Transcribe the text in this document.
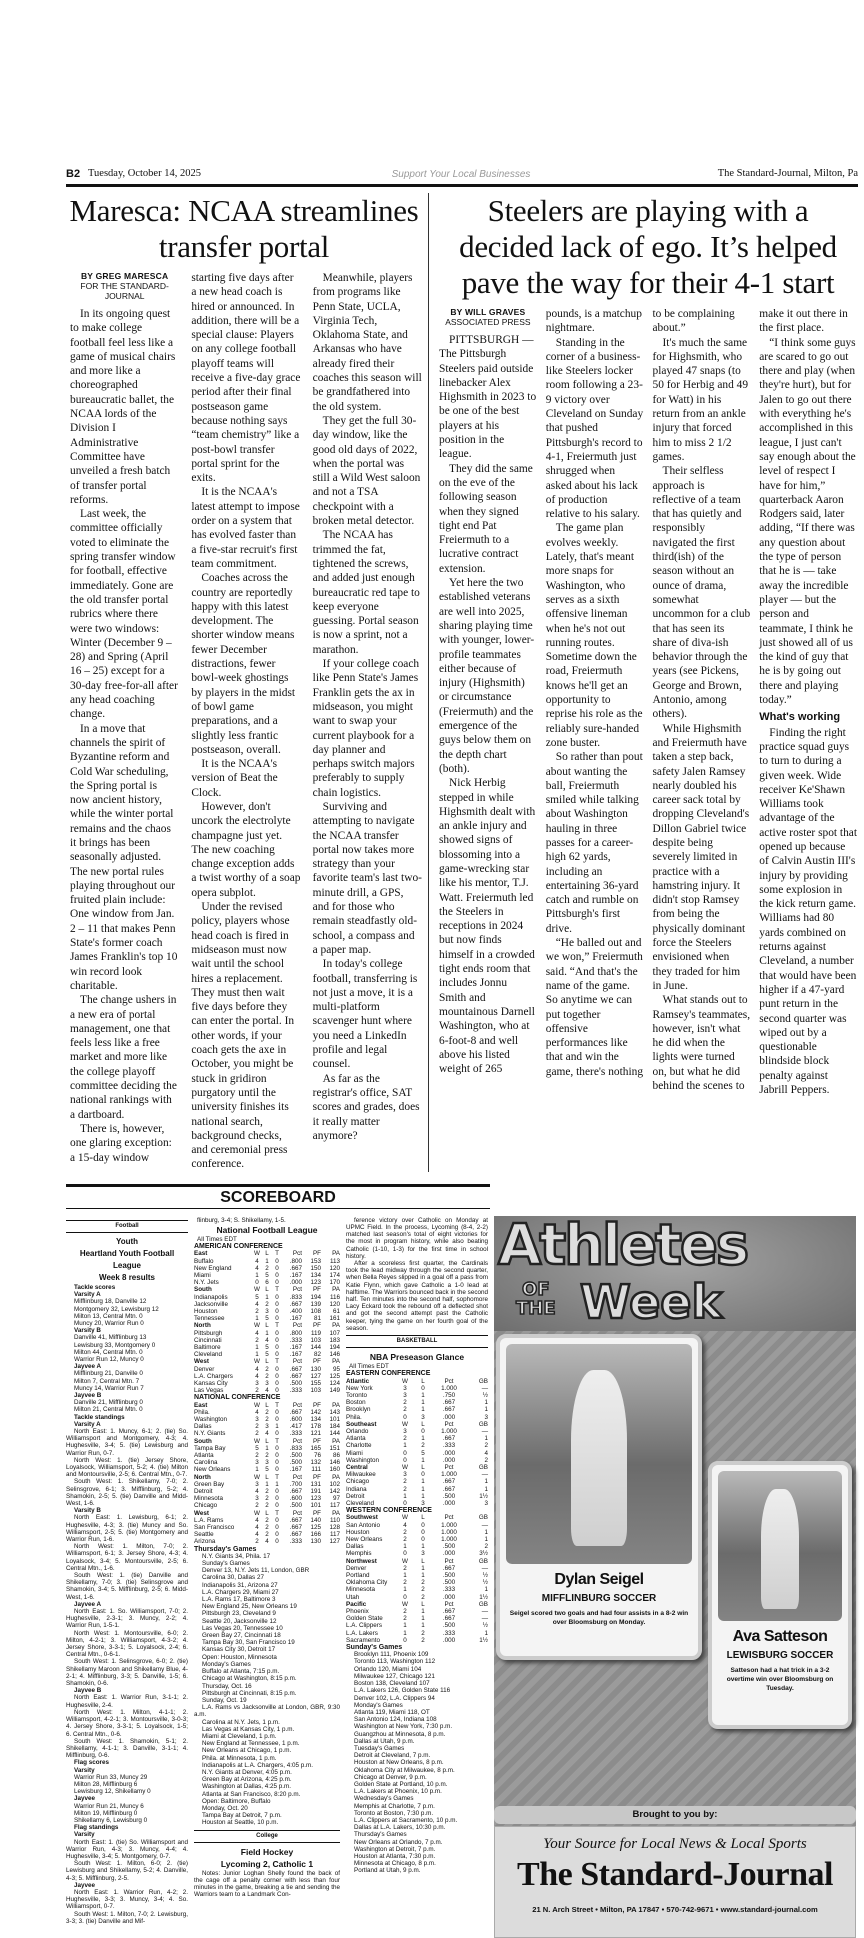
B2 Tuesday, October 14, 2025	Support Your Local Businesses	The Standard-Journal, Milton, Pa
Maresca: NCAA streamlines transfer portal
BY GREG MARESCA
FOR THE STANDARD-JOURNAL

In its ongoing quest to make college football feel less like a game of musical chairs and more like a choreographed bureaucratic ballet, the NCAA lords of the Division I Administrative Committee have unveiled a fresh batch of transfer portal reforms.

Last week, the committee officially voted to eliminate the spring transfer window for football, effective immediately. Gone are the old transfer portal rubrics where there were two windows: Winter (December 9 – 28) and Spring (April 16 – 25) except for a 30-day free-for-all after any head coaching change.

In a move that channels the spirit of Byzantine reform and Cold War scheduling, the Spring portal is now ancient history, while the winter portal remains and the chaos it brings has been seasonally adjusted. The new portal rules playing throughout our fruited plain include: One window from Jan. 2 – 11 that makes Penn State's former coach James Franklin's top 10 win record look charitable.

The change ushers in a new era of portal management, one that feels less like a free market and more like the college playoff committee deciding the national rankings with a dartboard.

There is, however, one glaring exception: a 15-day window starting five days after a new head coach is hired or announced. In addition, there will be a special clause: Players on any college football playoff teams will receive a five-day grace period after their final postseason game because nothing says “team chemistry” like a post-bowl transfer portal sprint for the exits.

It is the NCAA's latest attempt to impose order on a system that has evolved faster than a five-star recruit's first team commitment.

Coaches across the country are reportedly happy with this latest development. The shorter window means fewer December distractions, fewer bowl-week ghostings by players in the midst of bowl game preparations, and a slightly less frantic postseason, overall.

It is the NCAA's version of Beat the Clock.

However, don't uncork the electrolyte champagne just yet. The new coaching change exception adds a twist worthy of a soap opera subplot.

Under the revised policy, players whose head coach is fired in midseason must now wait until the school hires a replacement. They must then wait five days before they can enter the portal. In other words, if your coach gets the axe in October, you might be stuck in gridiron purgatory until the university finishes its national search, background checks, and ceremonial press conference.

Meanwhile, players from programs like Penn State, UCLA, Virginia Tech, Oklahoma State, and Arkansas who have already fired their coaches this season will be grandfathered into the old system.

They get the full 30-day window, like the good old days of 2022, when the portal was still a Wild West saloon and not a TSA checkpoint with a broken metal detector.

The NCAA has trimmed the fat, tightened the screws, and added just enough bureaucratic red tape to keep everyone guessing. Portal season is now a sprint, not a marathon.

If your college coach like Penn State's James Franklin gets the ax in midseason, you might want to swap your current playbook for a day planner and perhaps switch majors preferably to supply chain logistics.

Surviving and attempting to navigate the NCAA transfer portal now takes more strategy than your favorite team's last two-minute drill, a GPS, and for those who remain steadfastly old-school, a compass and a paper map.

In today's college football, transferring is not just a move, it is a multi-platform scavenger hunt where you need a LinkedIn profile and legal counsel.

As far as the registrar's office, SAT scores and grades, does it really matter anymore?

Steelers are playing with a decided lack of ego. It’s helped pave the way for their 4-1 start
BY WILL GRAVES
ASSOCIATED PRESS

PITTSBURGH — The Pittsburgh Steelers paid outside linebacker Alex Highsmith in 2023 to be one of the best players at his position in the league.

They did the same on the eve of the following season when they signed tight end Pat Freiermuth to a lucrative contract extension.

Yet here the two established veterans are well into 2025, sharing playing time with younger, lower-profile teammates either because of injury (Highsmith) or circumstance (Freiermuth) and the emergence of the guys below them on the depth chart (both).

Nick Herbig stepped in while Highsmith dealt with an ankle injury and showed signs of blossoming into a game-wrecking star like his mentor, T.J. Watt. Freiermuth led the Steelers in receptions in 2024 but now finds himself in a crowded tight ends room that includes Jonnu Smith and mountainous Darnell Washington, who at 6-foot-8 and well above his listed weight of 265 pounds, is a matchup nightmare.

Standing in the corner of a business-like Steelers locker room following a 23-9 victory over Cleveland on Sunday that pushed Pittsburgh's record to 4-1, Freiermuth just shrugged when asked about his lack of production relative to his salary.

The game plan evolves weekly. Lately, that's meant more snaps for Washington, who serves as a sixth offensive lineman when he's not out running routes. Sometime down the road, Freiermuth knows he'll get an opportunity to reprise his role as the reliably sure-handed zone buster.

So rather than pout about wanting the ball, Freiermuth smiled while talking about Washington hauling in three passes for a career-high 62 yards, including an entertaining 36-yard catch and rumble on Pittsburgh's first drive.

“He balled out and we won,” Freiermuth said. “And that's the name of the game. So anytime we can put together offensive performances like that and win the game, there's nothing to be complaining about.”

It's much the same for Highsmith, who played 47 snaps (to 50 for Herbig and 49 for Watt) in his return from an ankle injury that forced him to miss 2 1/2 games.

Their selfless approach is reflective of a team that has quietly and responsibly navigated the first third(ish) of the season without an ounce of drama, somewhat uncommon for a club that has seen its share of diva-ish behavior through the years (see Pickens, George and Brown, Antonio, among others).

While Highsmith and Freiermuth have taken a step back, safety Jalen Ramsey nearly doubled his career sack total by dropping Cleveland's Dillon Gabriel twice despite being severely limited in practice with a hamstring injury. It didn't stop Ramsey from being the physically dominant force the Steelers envisioned when they traded for him in June.

What stands out to Ramsey's teammates, however, isn't what he did when the lights were turned on, but what he did behind the scenes to make it out there in the first place.

“I think some guys are scared to go out there and play (when they're hurt), but for Jalen to go out there with everything he's accomplished in this league, I just can't say enough about the level of respect I have for him,” quarterback Aaron Rodgers said, later adding, “If there was any question about the type of person that he is — take away the incredible player — but the person and teammate, I think he just showed all of us the kind of guy that he is by going out there and playing today.”

What's working

Finding the right practice squad guys to turn to during a given week. Wide receiver Ke'Shawn Williams took advantage of the active roster spot that opened up because of Calvin Austin III's injury by providing some explosion in the kick return game. Williams had 80 yards combined on returns against Cleveland, a number that would have been higher if a 47-yard punt return in the second quarter was wiped out by a questionable blindside block penalty against Jabrill Peppers.

SCOREBOARD
Football
Youth
Heartland Youth Football League
Week 8 results
Tackle scores
Varsity A
Mifflinburg 18, Danville 12
Montgomery 32, Lewisburg 12
Milton 13, Central Mtn. 0
Muncy 20, Warrior Run 0
Varsity B
Danville 41, Mifflinburg 13
Lewisburg 33, Montgomery 0
Milton 44, Central Mtn. 0
Warrior Run 12, Muncy 0
Jayvee A
Mifflinburg 21, Danville 0
Milton 7, Central Mtn. 7
Muncy 14, Warrior Run 7
Jayvee B
Danville 21, Mifflinburg 0
Milton 21, Central Mtn. 0
Tackle standings
Varsity A
North East: 1. Muncy, 6-1; 2. (tie) So. Williamsport and Montgomery, 4-3; 4. Hughesville, 3-4; 5. (tie) Lewisburg and Warrior Run, 0-7.
North West: 1. (tie) Jersey Shore, Loyalsock, Williamsport, 5-2; 4. (tie) Milton and Montoursville, 2-5; 6. Central Mtn., 0-7.
South West: 1. Shikellamy, 7-0; 2. Selinsgrove, 6-1; 3. Mifflinburg, 5-2; 4. Shamokin, 2-5; 5. (tie) Danville and Midd-West, 1-6.
Varsity B
North East: 1. Lewisburg, 6-1; 2. Hughesville, 4-3; 3. (tie) Muncy and So. Williamsport, 2-5; 5. (tie) Montgomery and Warrior Run, 1-6.
North West: 1. Milton, 7-0; 2. Williamsport, 6-1; 3. Jersey Shore, 4-3; 4. Loyalsock, 3-4; 5. Montoursville, 2-5; 6. Central Mtn., 1-6.
South West: 1. (tie) Danville and Shikellamy, 7-0; 3. (tie) Selinsgrove and Shamokin, 3-4; 5. Mifflinburg, 2-5; 6. Midd-West, 1-6.
Jayvee A
North East: 1. So. Williamsport, 7-0; 2. Hughesville, 2-3-1; 3. Muncy, 2-2; 4. Warrior Run, 1-5-1.
North West: 1. Montoursville, 6-0; 2. Milton, 4-2-1; 3. Williamsport, 4-3-2; 4. Jersey Shore, 3-3-1; 5. Loyalsock, 2-4; 6. Central Mtn., 0-6-1.
South West: 1. Selinsgrove, 6-0; 2. (tie) Shikellamy Maroon and Shikellamy Blue, 4-2-1; 4. Mifflinburg, 3-3; 5. Danville, 1-5; 6. Shamokin, 0-6.
Jayvee B
North East: 1. Warrior Run, 3-1-1; 2. Hughesville, 2-4.
North West: 1. Milton, 4-1-1; 2. Williamsport, 4-2-1; 3. Montoursville, 3-0-3; 4. Jersey Shore, 3-3-1; 5. Loyalsock, 1-5; 6. Central Mtn., 0-6.
South West: 1. Shamokin, 5-1; 2. Shikellamy, 4-1-1; 3. Danville, 3-1-1; 4. Mifflinburg, 0-6.
Flag scores
Varsity
Warrior Run 33, Muncy 29
Milton 28, Mifflinburg 6
Lewisburg 12, Shikellamy 0
Jayvee
Warrior Run 21, Muncy 6
Milton 19, Mifflinburg 0
Shikellamy 6, Lewisburg 0
Flag standings
Varsity
North East: 1. (tie) So. Williamsport and Warrior Run, 4-3; 3. Muncy, 4-4; 4. Hughesville, 3-4; 5. Montgomery, 0-7.
South West: 1. Milton, 6-0; 2. (tie) Lewisburg and Shikellamy, 5-2; 4. Danville, 4-3; 5. Mifflinburg, 2-5.
Jayvee
North East: 1. Warrior Run, 4-2; 2. Hughesville, 3-3; 3. Muncy, 3-4; 4. So. Williamsport, 0-7.
South West: 1. Milton, 7-0; 2. Lewisburg, 3-3; 3. (tie) Danville and Mif-
flinburg, 3-4; S. Shikellamy, 1-5.
National Football League
All Times EDT
AMERICAN CONFERENCE
East	W L	T	Pct	PF	PA
Buffalo	4	1	0	.800	153	113
New England	4	2	0	.667	150	120
Miami	1	5	0	.167	134	174
N.Y. Jets	0	6	0	.000	123	170
South	W L	T	Pct	PF	PA
Indianapolis	5	1	0	.833	194	116
Jacksonville	4	2	0	.667	139	120
Houston	2	3	0	.400	108	61
Tennessee	1	5	0	.167	81	161
North	W L	T	Pct	PF	PA
Pittsburgh	4	1	0	.800	119	107
Cincinnati	2	4	0	.333	103	183
Baltimore	1	5	0	.167	144	194
Cleveland	1	5	0	.167	82	146
West	W L	T	Pct	PF	PA
Denver	4	2	0	.667	130	95
L.A. Chargers	4	2	0	.667	127	125
Kansas City	3	3	0	.500	155	124
Las Vegas	2	4	0	.333	103	149
NATIONAL CONFERENCE
East	W L	T	Pct	PF	PA
Phila.	4	2	0	.667	142	143
Washington	3	2	0	.600	134	101
Dallas	2	3	1	.417	178	184
N.Y. Giants	2	4	0	.333	121	144
South	W L	T	Pct	PF	PA
Tampa Bay	5	1	0	.833	165	151
Atlanta	2	2	0	.500	76	86
Carolina	3	3	0	.500	132	146
New Orleans	1	5	0	.167	111	160
North	W L	T	Pct	PF	PA
Green Bay	3	1	1	.700	131	102
Detroit	4	2	0	.667	191	142
Minnesota	3	2	0	.600	123	97
Chicago	2	2	0	.500	101	117
West	W L	T	Pct	PF	PA
L.A. Rams	4	2	0	.667	140	110
San Francisco	4	2	0	.667	125	128
Seattle	4	2	0	.667	166	117
Arizona	2	4	0	.333	130	127
Thursday's Games
N.Y. Giants 34, Phila. 17
Sunday's Games
Denver 13, N.Y. Jets 11, London, GBR
Carolina 30, Dallas 27
Indianapolis 31, Arizona 27
L.A. Chargers 29, Miami 27
L.A. Rams 17, Baltimore 3
New England 25, New Orleans 19
Pittsburgh 23, Cleveland 9
Seattle 20, Jacksonville 12
Las Vegas 20, Tennessee 10
Green Bay 27, Cincinnati 18
Tampa Bay 30, San Francisco 19
Kansas City 30, Detroit 17
Open: Houston, Minnesota
Monday's Games
Buffalo at Atlanta, 7:15 p.m.
Chicago at Washington, 8:15 p.m.
Thursday, Oct. 16
Pittsburgh at Cincinnati, 8:15 p.m.
Sunday, Oct. 19
L.A. Rams vs Jacksonville at London, GBR, 9:30 a.m.
Carolina at N.Y. Jets, 1 p.m.
Las Vegas at Kansas City, 1 p.m.
Miami at Cleveland, 1 p.m.
New England at Tennessee, 1 p.m.
New Orleans at Chicago, 1 p.m.
Phila. at Minnesota, 1 p.m.
Indianapolis at L.A. Chargers, 4:05 p.m.
N.Y. Giants at Denver, 4:05 p.m.
Green Bay at Arizona, 4:25 p.m.
Washington at Dallas, 4:25 p.m.
Atlanta at San Francisco, 8:20 p.m.
Open: Baltimore, Buffalo
Monday, Oct. 20
Tampa Bay at Detroit, 7 p.m.
Houston at Seattle, 10 p.m.
College
Field Hockey
Lycoming 2, Catholic 1
Notes: Junior Loghan Shelly found the back of the cage off a penalty corner with less than four minutes in the game, breaking a tie and sending the Warriors team to a Landmark Con-
ference victory over Catholic on Monday at UPMC Field. In the process, Lycoming (8-4, 2-2) matched last season's total of eight victories for the most in program history, while also beating Catholic (1-10, 1-3) for the first time in school history.
After a scoreless first quarter, the Cardinals took the lead midway through the second quarter, when Bella Reyes slipped in a goal off a pass from Katie Flynn, which gave Catholic a 1-0 lead at halftime. The Warriors bounced back in the second half. Ten minutes into the second half, sophomore Lacy Eckard took the rebound off a deflected shot and got the second attempt past the Catholic keeper, tying the game on her fourth goal of the season.
BASKETBALL
NBA Preseason Glance
All Times EDT
EASTERN CONFERENCE
Atlantic	W	L	Pct	GB
New York	3	0	1.000	—
Toronto	3	1	.750	½
Boston	2	1	.667	1
Brooklyn	2	1	.667	1
Phila.	0	3	.000	3
Southeast	W	L	Pct	GB
Orlando	3	0	1.000	—
Atlanta	2	1	.667	1
Charlotte	1	2	.333	2
Miami	0	5	.000	4
Washington	0	1	.000	2
Central	W	L	Pct	GB
Milwaukee	3	0	1.000	—
Chicago	2	1	.667	1
Indiana	2	1	.667	1
Detroit	1	1	.500	1½
Cleveland	0	3	.000	3
WESTERN CONFERENCE
Southwest	W	L	Pct	GB
San Antonio	4	0	1.000	—
Houston	2	0	1.000	1
New Orleans	2	0	1.000	1
Dallas	1	1	.500	2
Memphis	0	3	.000	3½
Northwest	W	L	Pct	GB
Denver	2	1	.667	—
Portland	1	1	.500	½
Oklahoma City	2	2	.500	½
Minnesota	1	2	.333	1
Utah	0	2	.000	1½
Pacific	W	L	Pct	GB
Phoenix	2	1	.667	—
Golden State	2	1	.667	—
L.A. Clippers	1	1	.500	½
L.A. Lakers	1	2	.333	1
Sacramento	0	2	.000	1½
Sunday's Games
Brooklyn 111, Phoenix 109
Toronto 113, Washington 112
Orlando 120, Miami 104
Milwaukee 127, Chicago 121
Boston 138, Cleveland 107
L.A. Lakers 126, Golden State 116
Denver 102, L.A. Clippers 94
Monday's Games
Atlanta 119, Miami 118, OT
San Antonio 124, Indiana 108
Washington at New York, 7:30 p.m.
Guangzhou at Minnesota, 8 p.m.
Dallas at Utah, 9 p.m.
Tuesday's Games
Detroit at Cleveland, 7 p.m.
Houston at New Orleans, 8 p.m.
Oklahoma City at Milwaukee, 8 p.m.
Chicago at Denver, 9 p.m.
Golden State at Portland, 10 p.m.
L.A. Lakers at Phoenix, 10 p.m.
Wednesday's Games
Memphis at Charlotte, 7 p.m.
Toronto at Boston, 7:30 p.m.
L.A. Clippers at Sacramento, 10 p.m.
Dallas at L.A. Lakers, 10:30 p.m.
Thursday's Games
New Orleans at Orlando, 7 p.m.
Washington at Detroit, 7 p.m.
Houston at Atlanta, 7:30 p.m.
Minnesota at Chicago, 8 p.m.
Portland at Utah, 9 p.m.
Athletes
OF
THE Week
Dylan Seigel
MIFFLINBURG SOCCER
Seigel scored two goals and had four assists in a 8-2 win over Bloomsburg on Monday.
Ava Satteson
LEWISBURG SOCCER
Satteson had a hat trick in a 3-2 overtime win over Bloomsburg on Tuesday.
Brought to you by:
Your Source for Local News & Local Sports
The Standard-Journal
21 N. Arch Street • Milton, PA 17847 • 570-742-9671 • www.standard-journal.com
